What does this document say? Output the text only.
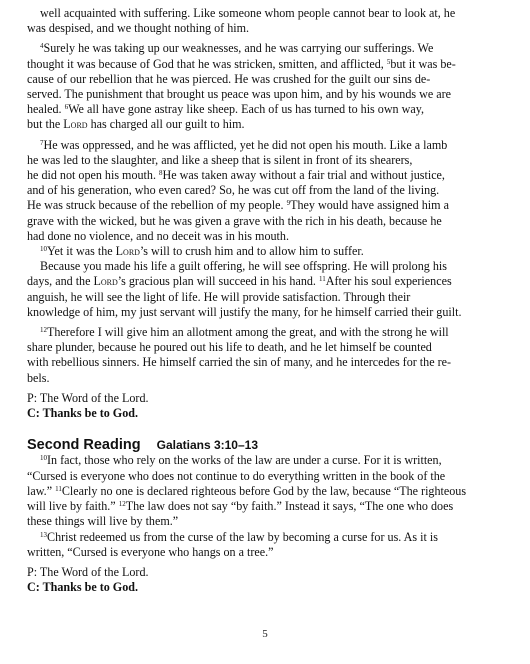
well acquainted with suffering. Like someone whom people cannot bear to look at, he
was despised, and we thought nothing of him.
$^4$Surely he was taking up our weaknesses, and he was carrying our sufferings. We
thought it was because of God that he was stricken, smitten, and afflicted, $^5$but it was be-
cause of our rebellion that he was pierced. He was crushed for the guilt our sins de-
served. The punishment that brought us peace was upon him, and by his wounds we are
healed. $^6$We all have gone astray like sheep. Each of us has turned to his own way,
but the Lord has charged all our guilt to him.
$^7$He was oppressed, and he was afflicted, yet he did not open his mouth. Like a lamb
he was led to the slaughter, and like a sheep that is silent in front of its shearers,
he did not open his mouth. $^8$He was taken away without a fair trial and without justice,
and of his generation, who even cared? So, he was cut off from the land of the living.
He was struck because of the rebellion of my people. $^9$They would have assigned him a
grave with the wicked, but he was given a grave with the rich in his death, because he
had done no violence, and no deceit was in his mouth.
$^{10}$Yet it was the Lord’s will to crush him and to allow him to suffer.
Because you made his life a guilt offering, he will see offspring. He will prolong his
days, and the Lord’s gracious plan will succeed in his hand. $^{11}$After his soul experiences
anguish, he will see the light of life. He will provide satisfaction. Through their
knowledge of him, my just servant will justify the many, for he himself carried their guilt.
$^{12}$Therefore I will give him an allotment among the great, and with the strong he will
share plunder, because he poured out his life to death, and he let himself be counted
with rebellious sinners. He himself carried the sin of many, and he intercedes for the re-
bels.
P: The Word of the Lord.
C: Thanks be to God.
Second Reading Galatians 3:10–13
$^{10}$In fact, those who rely on the works of the law are under a curse. For it is written,
“Cursed is everyone who does not continue to do everything written in the book of the
law.” $^{11}$Clearly no one is declared righteous before God by the law, because “The righteous
will live by faith.” $^{12}$The law does not say “by faith.” Instead it says, “The one who does
these things will live by them.”
$^{13}$Christ redeemed us from the curse of the law by becoming a curse for us. As it is
written, “Cursed is everyone who hangs on a tree.”
P: The Word of the Lord.
C: Thanks be to God.
5
